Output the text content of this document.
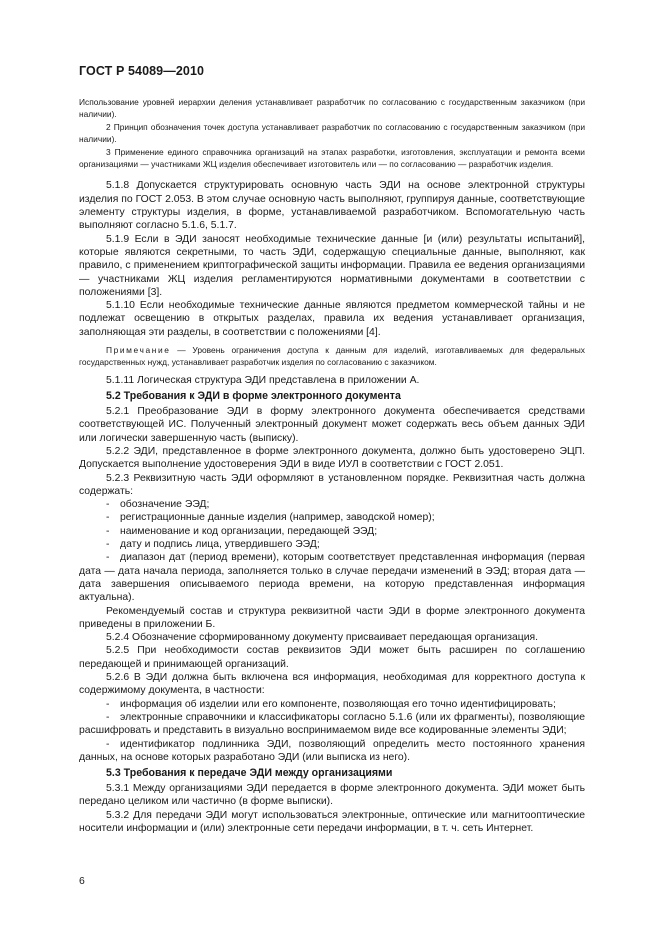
ГОСТ Р 54089—2010

Использование уровней иерархии деления устанавливает разработчик по согласованию с государственным заказчиком (при наличии).

2 Принцип обозначения точек доступа устанавливает разработчик по согласованию с государственным заказчиком (при наличии).

3 Применение единого справочника организаций на этапах разработки, изготовления, эксплуатации и ремонта всеми организациями — участниками ЖЦ изделия обеспечивает изготовитель или — по согласованию — разработчик изделия.

5.1.8 Допускается структурировать основную часть ЭДИ на основе электронной структуры изделия по ГОСТ 2.053. В этом случае основную часть выполняют, группируя данные, соответствующие элементу структуры изделия, в форме, устанавливаемой разработчиком. Вспомогательную часть выполняют согласно 5.1.6, 5.1.7.

5.1.9 Если в ЭДИ заносят необходимые технические данные [и (или) результаты испытаний], которые являются секретными, то часть ЭДИ, содержащую специальные данные, выполняют, как правило, с применением криптографической защиты информации. Правила ее ведения организациями — участниками ЖЦ изделия регламентируются нормативными документами в соответствии с положениями [3].

5.1.10 Если необходимые технические данные являются предметом коммерческой тайны и не подлежат освещению в открытых разделах, правила их ведения устанавливает организация, заполняющая эти разделы, в соответствии с положениями [4].

Примечание — Уровень ограничения доступа к данным для изделий, изготавливаемых для федеральных государственных нужд, устанавливает разработчик изделия по согласованию с заказчиком.

5.1.11 Логическая структура ЭДИ представлена в приложении А.

5.2 Требования к ЭДИ в форме электронного документа

5.2.1 Преобразование ЭДИ в форму электронного документа обеспечивается средствами соответствующей ИС. Полученный электронный документ может содержать весь объем данных ЭДИ или логически завершенную часть (выписку).

5.2.2 ЭДИ, представленное в форме электронного документа, должно быть удостоверено ЭЦП. Допускается выполнение удостоверения ЭДИ в виде ИУЛ в соответствии с ГОСТ 2.051.

5.2.3 Реквизитную часть ЭДИ оформляют в установленном порядке. Реквизитная часть должна содержать:

- обозначение ЭЭД;

- регистрационные данные изделия (например, заводской номер);

- наименование и код организации, передающей ЭЭД;

- дату и подпись лица, утвердившего ЭЭД;

- диапазон дат (период времени), которым соответствует представленная информация (первая дата — дата начала периода, заполняется только в случае передачи изменений в ЭЭД; вторая дата — дата завершения описываемого периода времени, на которую представленная информация актуальна).

Рекомендуемый состав и структура реквизитной части ЭДИ в форме электронного документа приведены в приложении Б.

5.2.4 Обозначение сформированному документу присваивает передающая организация.

5.2.5 При необходимости состав реквизитов ЭДИ может быть расширен по соглашению передающей и принимающей организаций.

5.2.6 В ЭДИ должна быть включена вся информация, необходимая для корректного доступа к содержимому документа, в частности:

- информация об изделии или его компоненте, позволяющая его точно идентифицировать;

- электронные справочники и классификаторы согласно 5.1.6 (или их фрагменты), позволяющие расшифровать и представить в визуально воспринимаемом виде все кодированные элементы ЭДИ;

- идентификатор подлинника ЭДИ, позволяющий определить место постоянного хранения данных, на основе которых разработано ЭДИ (или выписка из него).

5.3 Требования к передаче ЭДИ между организациями

5.3.1 Между организациями ЭДИ передается в форме электронного документа. ЭДИ может быть передано целиком или частично (в форме выписки).

5.3.2 Для передачи ЭДИ могут использоваться электронные, оптические или магнитооптические носители информации и (или) электронные сети передачи информации, в т. ч. сеть Интернет.

6
